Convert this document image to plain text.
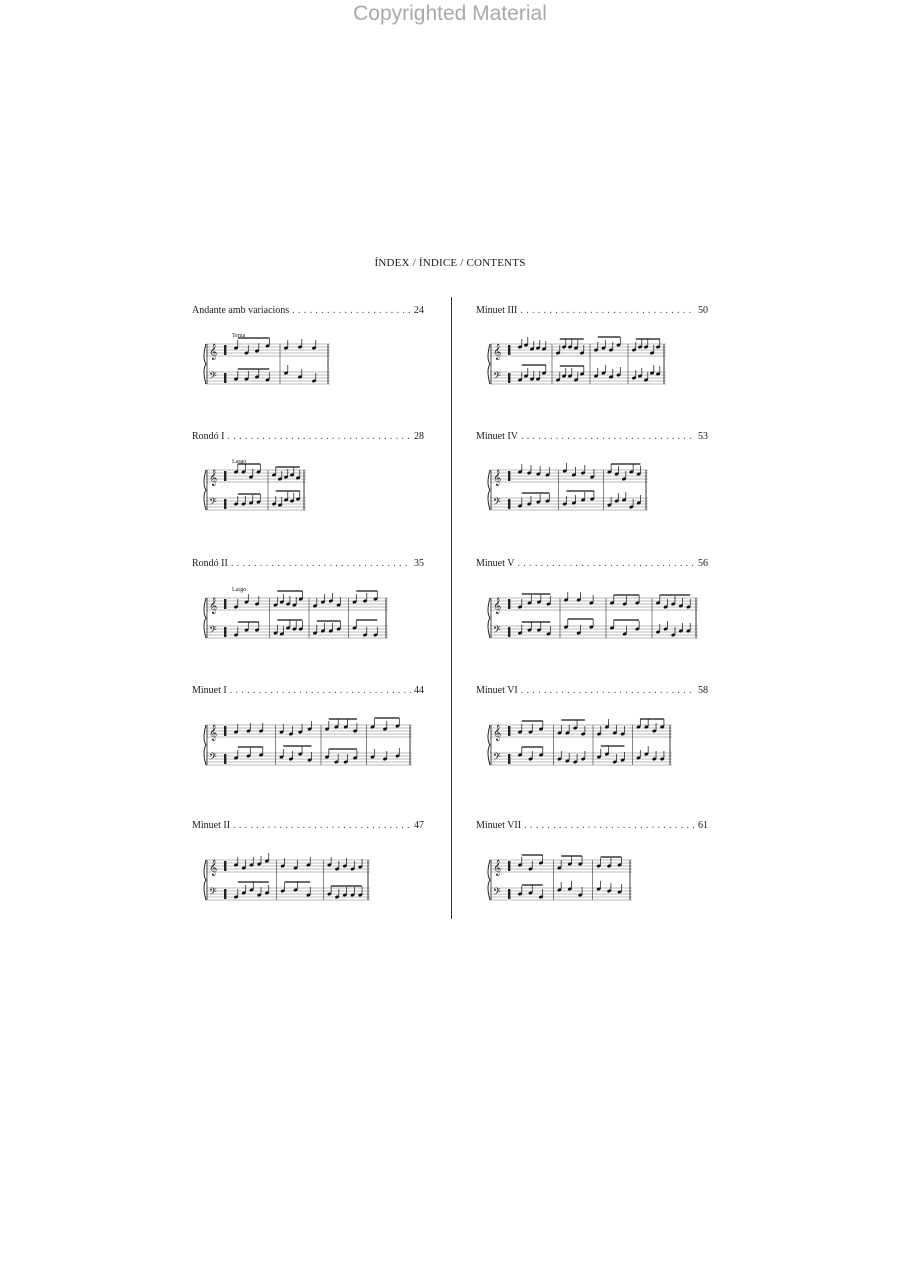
Copyrighted Material
ÍNDEX / ÍNDICE / CONTENTS
Andante amb variacions . . .	24
Tema
𝄞
𝄢
Rondó I . . .	28
Largo
𝄞
𝄢
Rondó II . . .	35
Largo
𝄞
𝄢
Minuet I . . .	44
𝄞
𝄢
Minuet II . . .	47
𝄞
𝄢
Minuet III . . .	50
𝄞
𝄢
Minuet IV . . .	53
𝄞
𝄢
Minuet V . . .	56
𝄞
𝄢
Minuet VI . . .	58
𝄞
𝄢
Minuet VII . . .	61
𝄞
𝄢
